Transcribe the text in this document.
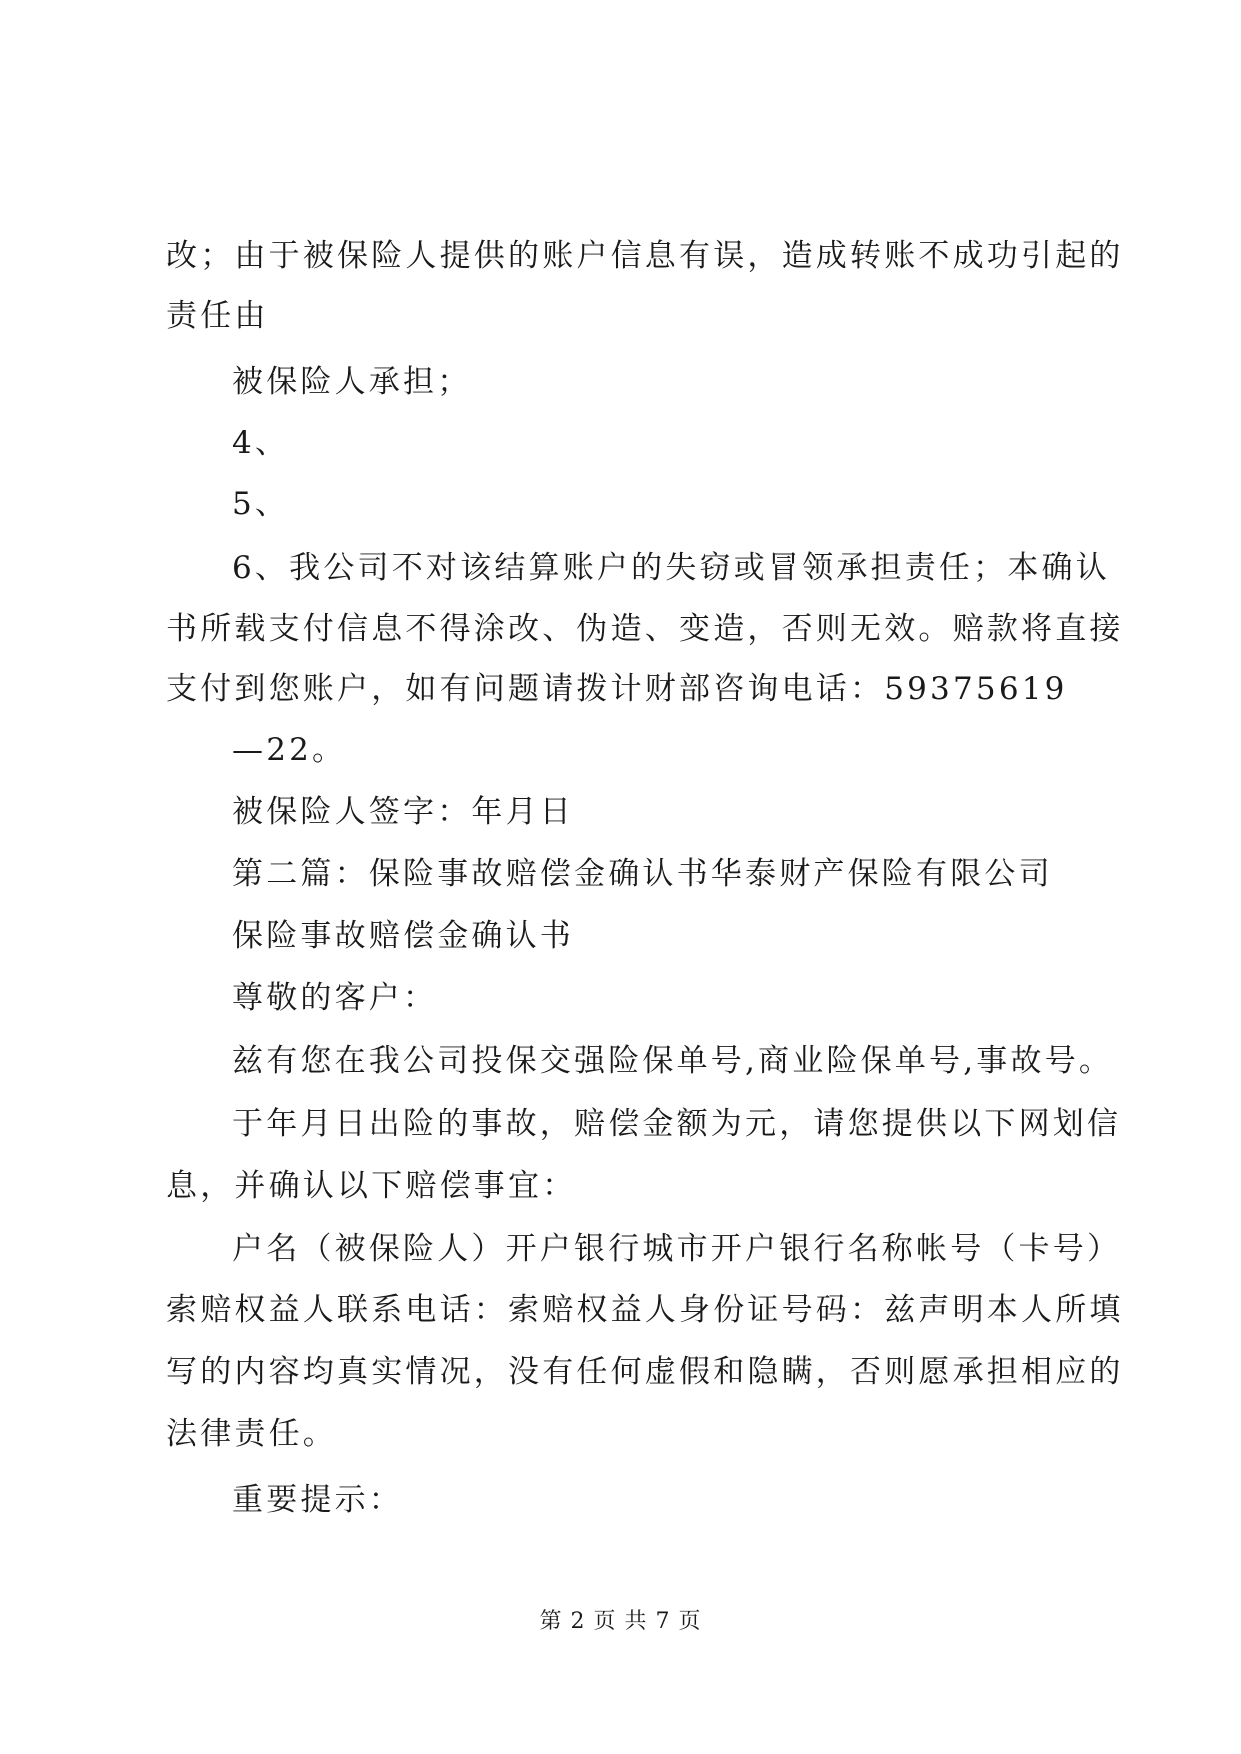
改；由于被保险人提供的账户信息有误，造成转账不成功引起的
责任由
被保险人承担；
4、
5、
6、我公司不对该结算账户的失窃或冒领承担责任；本确认
书所载支付信息不得涂改、伪造、变造，否则无效。赔款将直接
支付到您账户，如有问题请拨计财部咨询电话：59375619
—22。
被保险人签字：年月日
第二篇：保险事故赔偿金确认书华泰财产保险有限公司
保险事故赔偿金确认书
尊敬的客户：
兹有您在我公司投保交强险保单号,商业险保单号,事故号。
于年月日出险的事故，赔偿金额为元，请您提供以下网划信
息，并确认以下赔偿事宜：
户名（被保险人）开户银行城市开户银行名称帐号（卡号）
索赔权益人联系电话：索赔权益人身份证号码：兹声明本人所填
写的内容均真实情况，没有任何虚假和隐瞒，否则愿承担相应的
法律责任。
重要提示：
第 2 页 共 7 页
